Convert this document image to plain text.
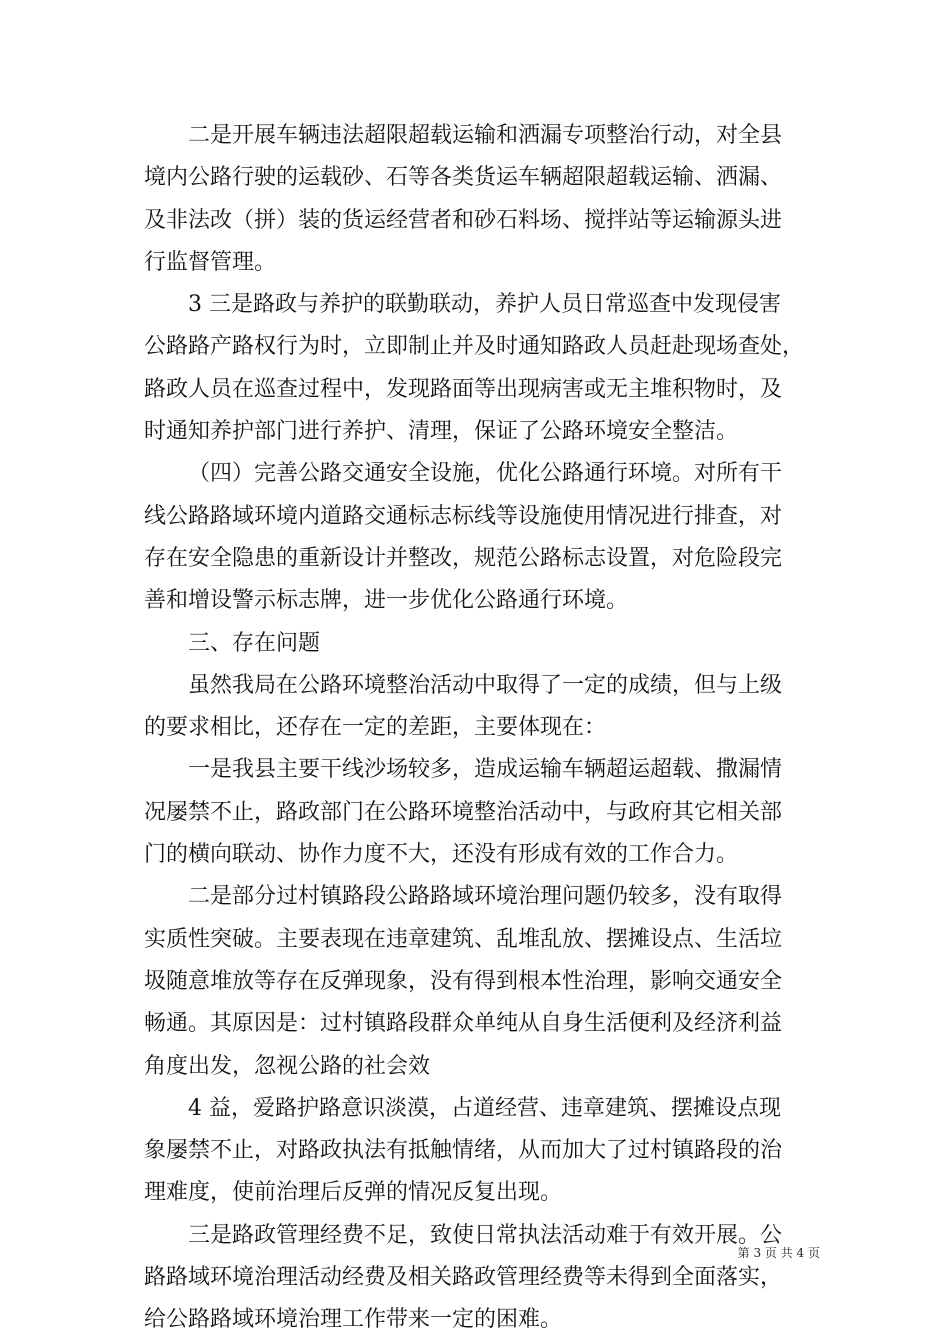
二是开展车辆违法超限超载运输和洒漏专项整治行动，对全县
境内公路行驶的运载砂、石等各类货运车辆超限超载运输、洒漏、
及非法改（拼）装的货运经营者和砂石料场、搅拌站等运输源头进
行监督管理。

3 三是路政与养护的联勤联动，养护人员日常巡查中发现侵害
公路路产路权行为时，立即制止并及时通知路政人员赶赴现场查处，
路政人员在巡查过程中，发现路面等出现病害或无主堆积物时，及
时通知养护部门进行养护、清理，保证了公路环境安全整洁。

（四）完善公路交通安全设施，优化公路通行环境。对所有干
线公路路域环境内道路交通标志标线等设施使用情况进行排查，对
存在安全隐患的重新设计并整改，规范公路标志设置，对危险段完
善和增设警示标志牌，进一步优化公路通行环境。

三、存在问题

虽然我局在公路环境整治活动中取得了一定的成绩，但与上级
的要求相比，还存在一定的差距，主要体现在：

一是我县主要干线沙场较多，造成运输车辆超运超载、撒漏情
况屡禁不止，路政部门在公路环境整治活动中，与政府其它相关部
门的横向联动、协作力度不大，还没有形成有效的工作合力。

二是部分过村镇路段公路路域环境治理问题仍较多，没有取得
实质性突破。主要表现在违章建筑、乱堆乱放、摆摊设点、生活垃
圾随意堆放等存在反弹现象，没有得到根本性治理，影响交通安全
畅通。其原因是：过村镇路段群众单纯从自身生活便利及经济利益
角度出发，忽视公路的社会效

4 益，爱路护路意识淡漠，占道经营、违章建筑、摆摊设点现
象屡禁不止，对路政执法有抵触情绪，从而加大了过村镇路段的治
理难度，使前治理后反弹的情况反复出现。

三是路政管理经费不足，致使日常执法活动难于有效开展。公
路路域环境治理活动经费及相关路政管理经费等未得到全面落实，
给公路路域环境治理工作带来一定的困难。

第 3 页 共 4 页
